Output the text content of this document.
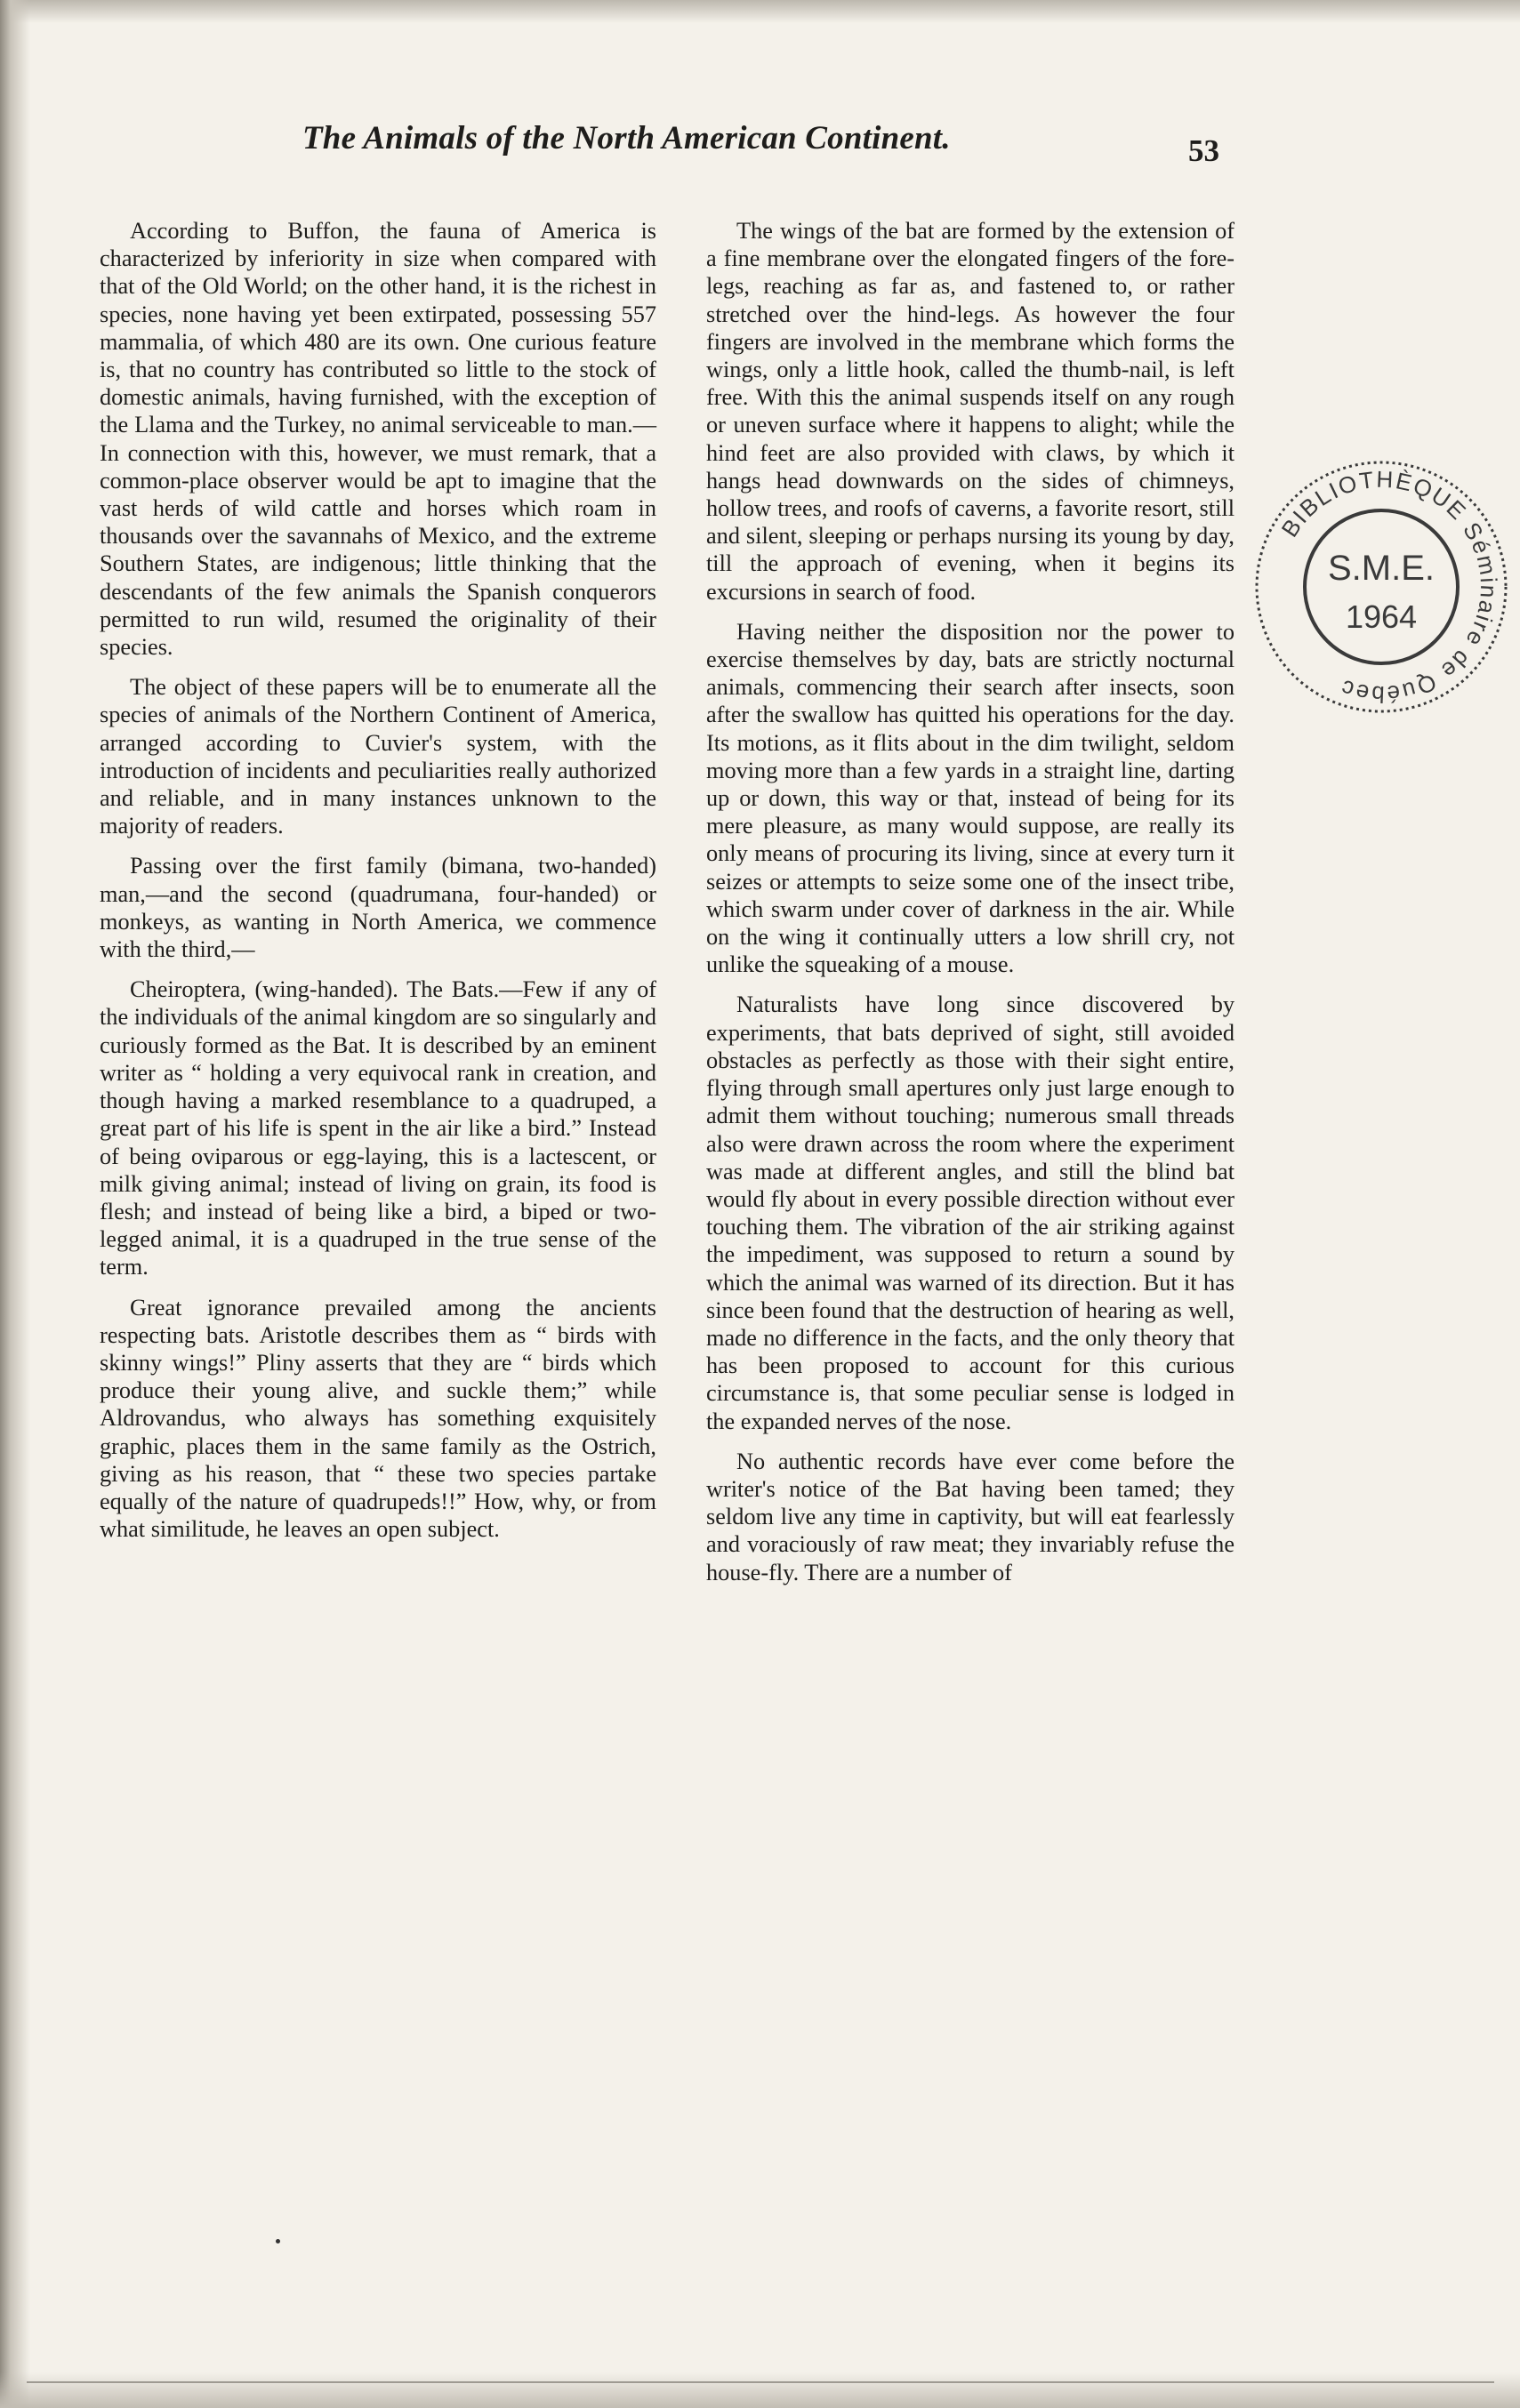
The Animals of the North American Continent.	53

According to Buffon, the fauna of America is characterized by inferiority in size when compared with that of the Old World; on the other hand, it is the richest in species, none having yet been extirpated, possessing 557 mammalia, of which 480 are its own. One curious feature is, that no country has contributed so little to the stock of domestic animals, having furnished, with the exception of the Llama and the Turkey, no animal serviceable to man.—In connection with this, however, we must remark, that a common-place observer would be apt to imagine that the vast herds of wild cattle and horses which roam in thousands over the savannahs of Mexico, and the extreme Southern States, are indigenous; little thinking that the descendants of the few animals the Spanish conquerors permitted to run wild, resumed the originality of their species.

The object of these papers will be to enumerate all the species of animals of the Northern Continent of America, arranged according to Cuvier's system, with the introduction of incidents and peculiarities really authorized and reliable, and in many instances unknown to the majority of readers.

Passing over the first family (bimana, two-handed) man,—and the second (quadrumana, four-handed) or monkeys, as wanting in North America, we commence with the third,—

Cheiroptera, (wing-handed). The Bats.—Few if any of the individuals of the animal kingdom are so singularly and curiously formed as the Bat. It is described by an eminent writer as “ holding a very equivocal rank in creation, and though having a marked resemblance to a quadruped, a great part of his life is spent in the air like a bird.” Instead of being oviparous or egg-laying, this is a lactescent, or milk giving animal; instead of living on grain, its food is flesh; and instead of being like a bird, a biped or two-legged animal, it is a quadruped in the true sense of the term.

Great ignorance prevailed among the ancients respecting bats. Aristotle describes them as “ birds with skinny wings!” Pliny asserts that they are “ birds which produce their young alive, and suckle them;” while Aldrovandus, who always has something exquisitely graphic, places them in the same family as the Ostrich, giving as his reason, that “ these two species partake equally of the nature of quadrupeds!!” How, why, or from what similitude, he leaves an open subject.

The wings of the bat are formed by the extension of a fine membrane over the elongated fingers of the fore-legs, reaching as far as, and fastened to, or rather stretched over the hind-legs. As however the four fingers are involved in the membrane which forms the wings, only a little hook, called the thumb-nail, is left free. With this the animal suspends itself on any rough or uneven surface where it happens to alight; while the hind feet are also provided with claws, by which it hangs head downwards on the sides of chimneys, hollow trees, and roofs of caverns, a favorite resort, still and silent, sleeping or perhaps nursing its young by day, till the approach of evening, when it begins its excursions in search of food.

Having neither the disposition nor the power to exercise themselves by day, bats are strictly nocturnal animals, commencing their search after insects, soon after the swallow has quitted his operations for the day. Its motions, as it flits about in the dim twilight, seldom moving more than a few yards in a straight line, darting up or down, this way or that, instead of being for its mere pleasure, as many would suppose, are really its only means of procuring its living, since at every turn it seizes or attempts to seize some one of the insect tribe, which swarm under cover of darkness in the air. While on the wing it continually utters a low shrill cry, not unlike the squeaking of a mouse.

Naturalists have long since discovered by experiments, that bats deprived of sight, still avoided obstacles as perfectly as those with their sight entire, flying through small apertures only just large enough to admit them without touching; numerous small threads also were drawn across the room where the experiment was made at different angles, and still the blind bat would fly about in every possible direction without ever touching them. The vibration of the air striking against the impediment, was supposed to return a sound by which the animal was warned of its direction. But it has since been found that the destruction of hearing as well, made no difference in the facts, and the only theory that has been proposed to account for this curious circumstance is, that some peculiar sense is lodged in the expanded nerves of the nose.

No authentic records have ever come before the writer's notice of the Bat having been tamed; they seldom live any time in captivity, but will eat fearlessly and voraciously of raw meat; they invariably refuse the house-fly. There are a number of

BIBLIOTHÈQUE Séminaire de Québec
S.M.E.
1964
